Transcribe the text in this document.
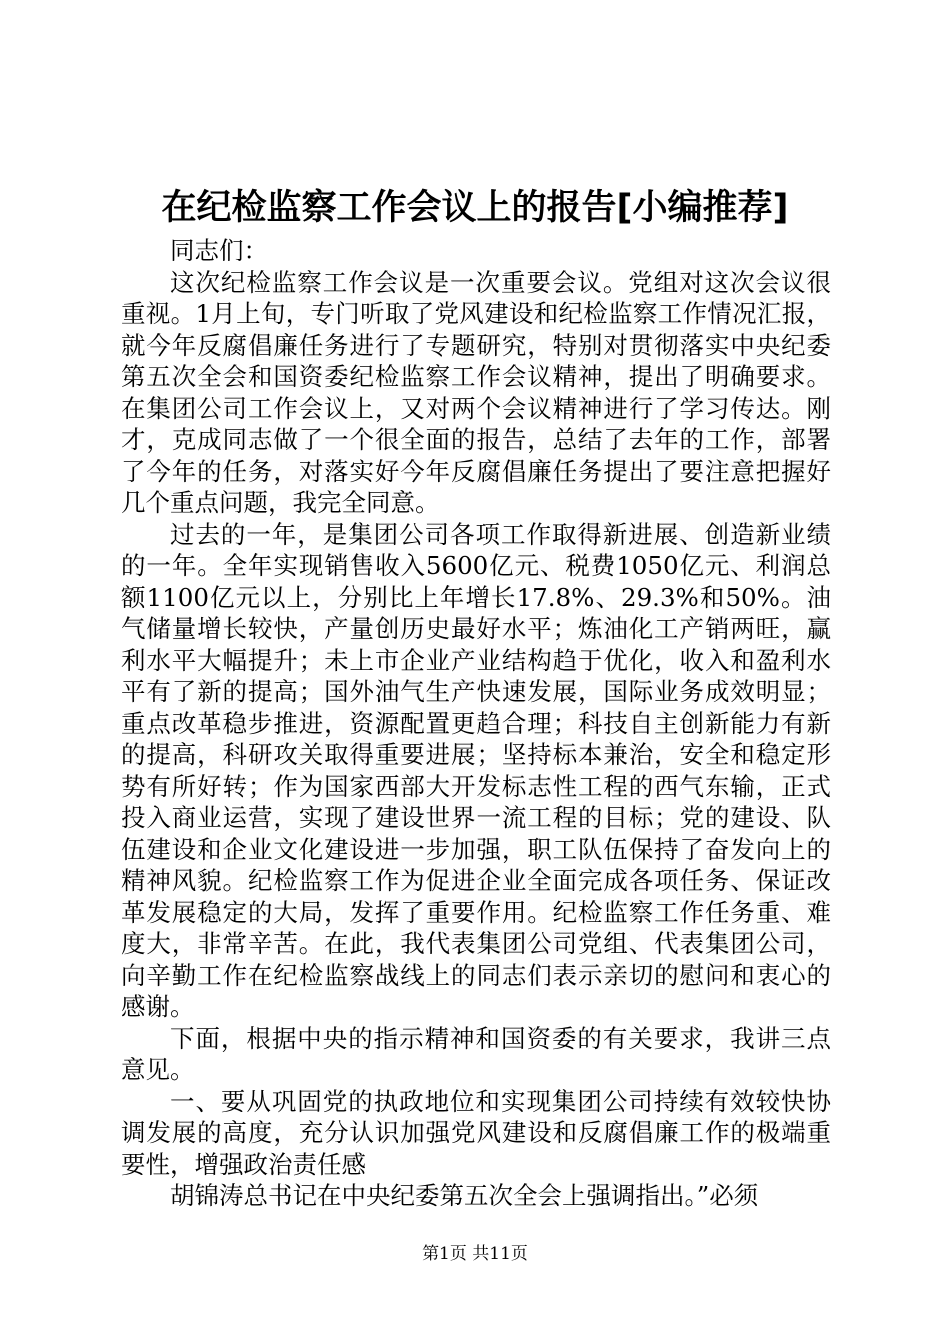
在纪检监察工作会议上的报告[小编推荐]

同志们：

这次纪检监察工作会议是一次重要会议。党组对这次会议很重视。1月上旬，专门听取了党风建设和纪检监察工作情况汇报，就今年反腐倡廉任务进行了专题研究，特别对贯彻落实中央纪委第五次全会和国资委纪检监察工作会议精神，提出了明确要求。在集团公司工作会议上，又对两个会议精神进行了学习传达。刚才，克成同志做了一个很全面的报告，总结了去年的工作，部署了今年的任务，对落实好今年反腐倡廉任务提出了要注意把握好几个重点问题，我完全同意。

过去的一年，是集团公司各项工作取得新进展、创造新业绩的一年。全年实现销售收入5600亿元、税费1050亿元、利润总额1100亿元以上，分别比上年增长17.8%、29.3%和50%。油气储量增长较快，产量创历史最好水平；炼油化工产销两旺，赢利水平大幅提升；未上市企业产业结构趋于优化，收入和盈利水平有了新的提高；国外油气生产快速发展，国际业务成效明显；重点改革稳步推进，资源配置更趋合理；科技自主创新能力有新的提高，科研攻关取得重要进展；坚持标本兼治，安全和稳定形势有所好转；作为国家西部大开发标志性工程的西气东输，正式投入商业运营，实现了建设世界一流工程的目标；党的建设、队伍建设和企业文化建设进一步加强，职工队伍保持了奋发向上的精神风貌。纪检监察工作为促进企业全面完成各项任务、保证改革发展稳定的大局，发挥了重要作用。纪检监察工作任务重、难度大，非常辛苦。在此，我代表集团公司党组、代表集团公司，向辛勤工作在纪检监察战线上的同志们表示亲切的慰问和衷心的感谢。

下面，根据中央的指示精神和国资委的有关要求，我讲三点意见。

一、要从巩固党的执政地位和实现集团公司持续有效较快协调发展的高度，充分认识加强党风建设和反腐倡廉工作的极端重要性，增强政治责任感

胡锦涛总书记在中央纪委第五次全会上强调指出。”必须

第1页 共11页
